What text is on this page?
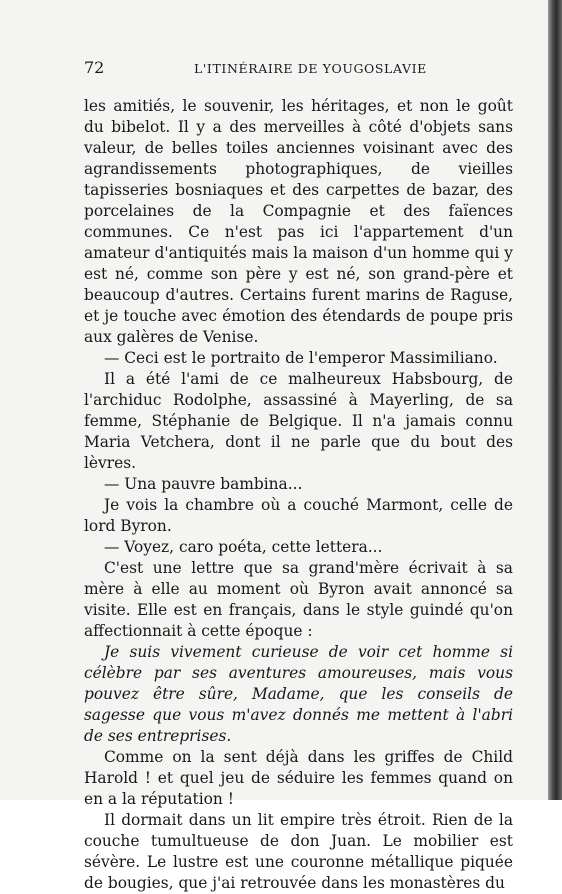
72	L'ITINÉRAIRE DE YOUGOSLAVIE

les amitiés, le souvenir, les héritages, et non le goût du bibelot. Il y a des merveilles à côté d'objets sans valeur, de belles toiles anciennes voisinant avec des agrandissements photographiques, de vieilles tapisseries bosniaques et des carpettes de bazar, des porcelaines de la Compagnie et des faïences communes. Ce n'est pas ici l'appartement d'un amateur d'antiquités mais la maison d'un homme qui y est né, comme son père y est né, son grand-père et beaucoup d'autres. Certains furent marins de Raguse, et je touche avec émotion des étendards de poupe pris aux galères de Venise.

— Ceci est le portraito de l'emperor Massimiliano.

Il a été l'ami de ce malheureux Habsbourg, de l'archiduc Rodolphe, assassiné à Mayerling, de sa femme, Stéphanie de Belgique. Il n'a jamais connu Maria Vetchera, dont il ne parle que du bout des lèvres.

— Una pauvre bambina...

Je vois la chambre où a couché Marmont, celle de lord Byron.

— Voyez, caro poéta, cette lettera...

C'est une lettre que sa grand'mère écrivait à sa mère à elle au moment où Byron avait annoncé sa visite. Elle est en français, dans le style guindé qu'on affectionnait à cette époque :

Je suis vivement curieuse de voir cet homme si célèbre par ses aventures amoureuses, mais vous pouvez être sûre, Madame, que les conseils de sagesse que vous m'avez donnés me mettent à l'abri de ses entreprises.

Comme on la sent déjà dans les griffes de Child Harold ! et quel jeu de séduire les femmes quand on en a la réputation !

Il dormait dans un lit empire très étroit. Rien de la couche tumultueuse de don Juan. Le mobilier est sévère. Le lustre est une couronne métallique piquée de bougies, que j'ai retrouvée dans les monastères du
